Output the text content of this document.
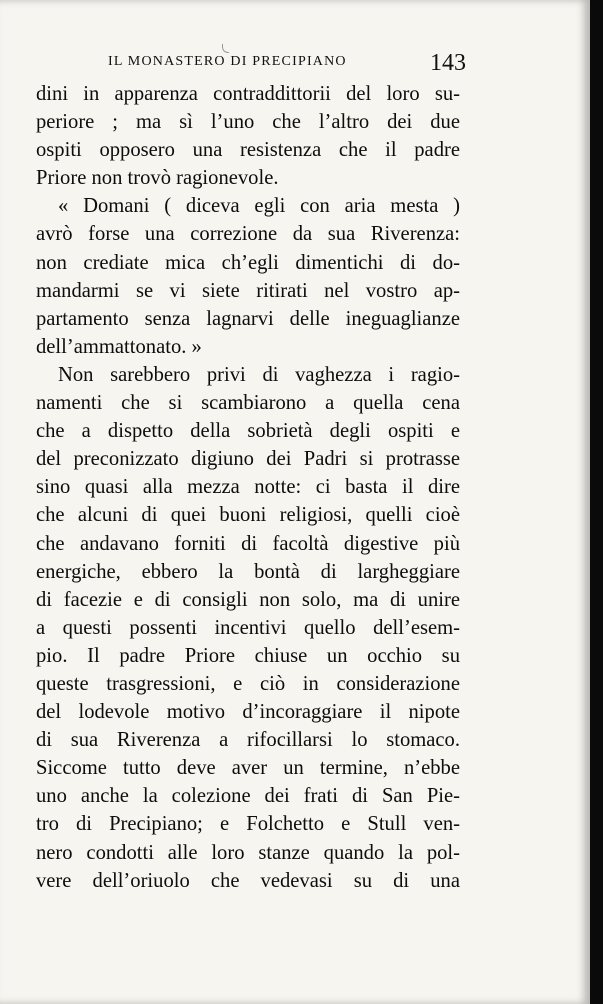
IL MONASTERO DI PRECIPIANO	143
dini in apparenza contraddittorii del loro su-
periore ; ma sì l’uno che l’altro dei due
ospiti opposero una resistenza che il padre
Priore non trovò ragionevole.
« Domani ( diceva egli con aria mesta )
avrò forse una correzione da sua Riverenza:
non crediate mica ch’egli dimentichi di do-
mandarmi se vi siete ritirati nel vostro ap-
partamento senza lagnarvi delle ineguaglianze
dell’ammattonato. »
Non sarebbero privi di vaghezza i ragio-
namenti che si scambiarono a quella cena
che a dispetto della sobrietà degli ospiti e
del preconizzato digiuno dei Padri si protrasse
sino quasi alla mezza notte: ci basta il dire
che alcuni di quei buoni religiosi, quelli cioè
che andavano forniti di facoltà digestive più
energiche, ebbero la bontà di largheggiare
di facezie e di consigli non solo, ma di unire
a questi possenti incentivi quello dell’esem-
pio. Il padre Priore chiuse un occhio su
queste trasgressioni, e ciò in considerazione
del lodevole motivo d’incoraggiare il nipote
di sua Riverenza a rifocillarsi lo stomaco.
Siccome tutto deve aver un termine, n’ebbe
uno anche la colezione dei frati di San Pie-
tro di Precipiano; e Folchetto e Stull ven-
nero condotti alle loro stanze quando la pol-
vere dell’oriuolo che vedevasi su di una
